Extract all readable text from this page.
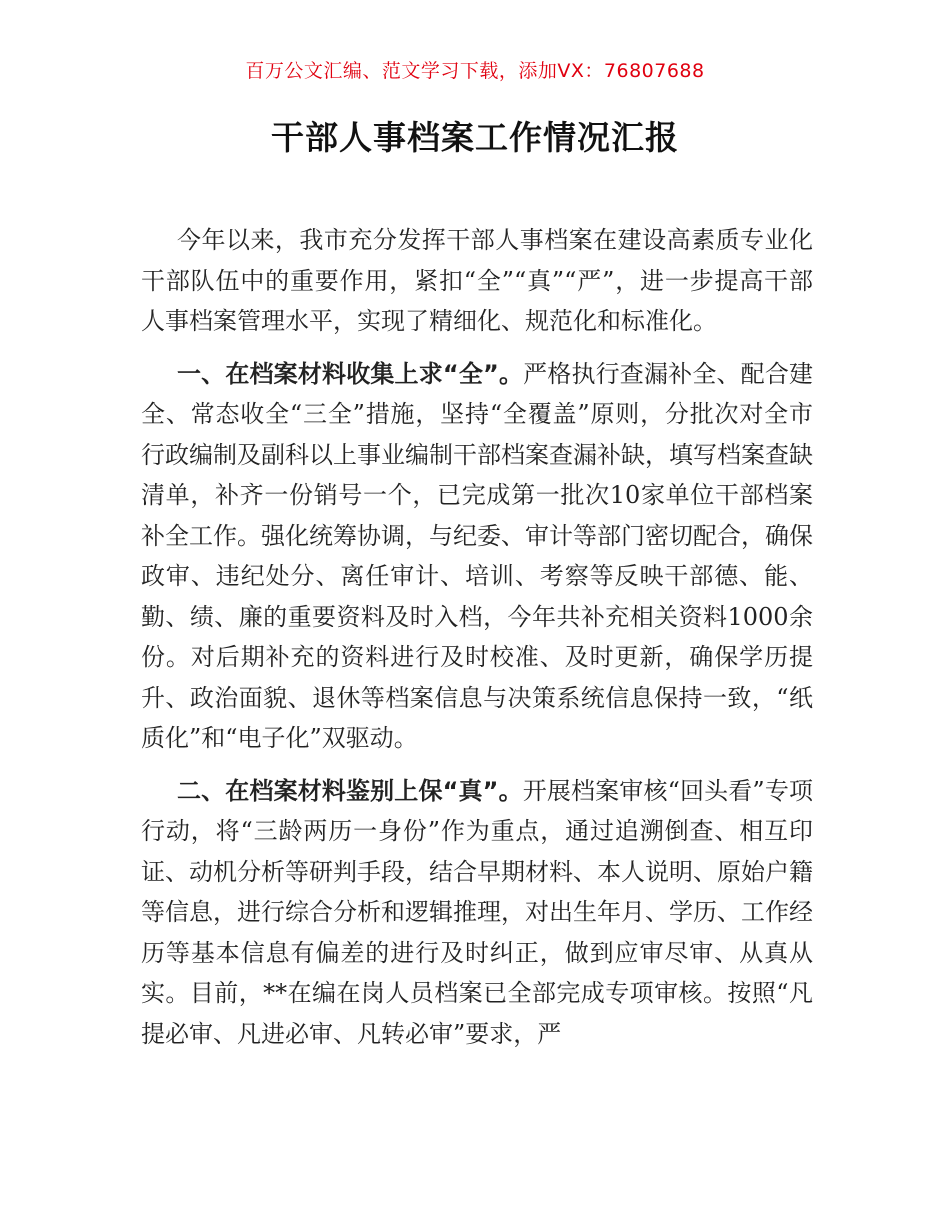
百万公文汇编、范文学习下载，添加VX：76807688
干部人事档案工作情况汇报

今年以来，我市充分发挥干部人事档案在建设高素质专业化干部队伍中的重要作用，紧扣“全”“真”“严”，进一步提高干部人事档案管理水平，实现了精细化、规范化和标准化。

一、在档案材料收集上求“全”。严格执行查漏补全、配合建全、常态收全“三全”措施，坚持“全覆盖”原则，分批次对全市行政编制及副科以上事业编制干部档案查漏补缺，填写档案查缺清单，补齐一份销号一个，已完成第一批次10家单位干部档案补全工作。强化统筹协调，与纪委、审计等部门密切配合，确保政审、违纪处分、离任审计、培训、考察等反映干部德、能、勤、绩、廉的重要资料及时入档，今年共补充相关资料1000余份。对后期补充的资料进行及时校准、及时更新，确保学历提升、政治面貌、退休等档案信息与决策系统信息保持一致，“纸质化”和“电子化”双驱动。

二、在档案材料鉴别上保“真”。开展档案审核“回头看”专项行动，将“三龄两历一身份”作为重点，通过追溯倒查、相互印证、动机分析等研判手段，结合早期材料、本人说明、原始户籍等信息，进行综合分析和逻辑推理，对出生年月、学历、工作经历等基本信息有偏差的进行及时纠正，做到应审尽审、从真从实。目前，**在编在岗人员档案已全部完成专项审核。按照“凡提必审、凡进必审、凡转必审”要求，严
